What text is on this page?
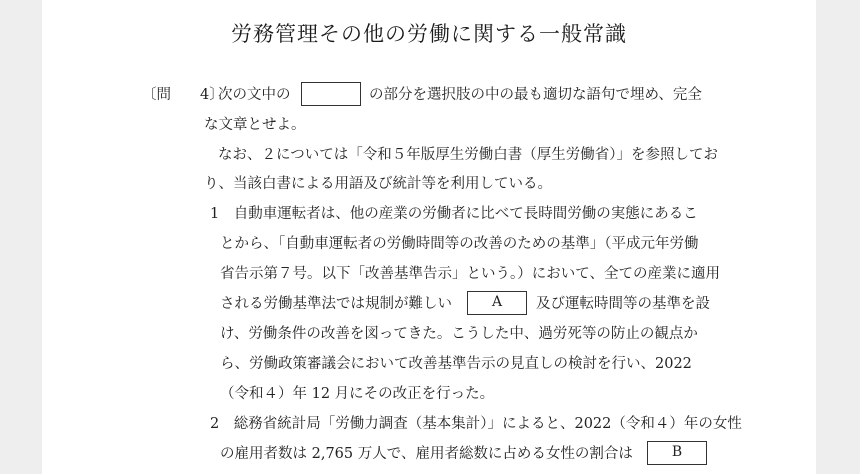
労務管理その他の労働に関する一般常識
〔問　　4〕
次の文中の	の部分を選択肢の中の最も適切な語句で埋め、完全
な文章とせよ。
なお、２については「令和５年版厚生労働白書（厚生労働省）」を参照してお
り、当該白書による用語及び統計等を利用している。
1　自動車運転者は、他の産業の労働者に比べて長時間労働の実態にあるこ
とから、「自動車運転者の労働時間等の改善のための基準」（平成元年労働
省告示第７号。以下「改善基準告示」という。）において、全ての産業に適用
される労働基準法では規制が難しい	A	及び運転時間等の基準を設
け、労働条件の改善を図ってきた。こうした中、過労死等の防止の観点か
ら、労働政策審議会において改善基準告示の見直しの検討を行い、2022
（令和４）年 12 月にその改正を行った。
2　総務省統計局「労働力調査（基本集計）」によると、2022（令和４）年の女性
の雇用者数は 2,765 万人で、雇用者総数に占める女性の割合は	B
